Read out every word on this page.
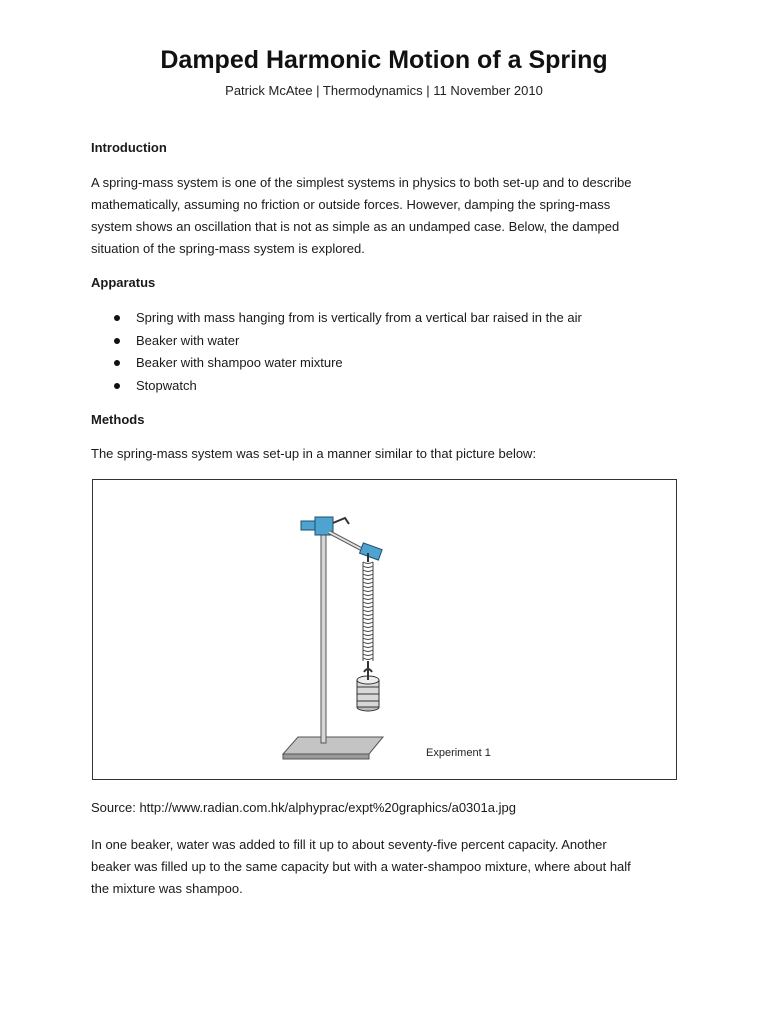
Damped Harmonic Motion of a Spring
Patrick McAtee | Thermodynamics | 11 November 2010
Introduction
A spring-mass system is one of the simplest systems in physics to both set-up and to describe
mathematically, assuming no friction or outside forces. However, damping the spring-mass
system shows an oscillation that is not as simple as an undamped case. Below, the damped
situation of the spring-mass system is explored.
Apparatus
Spring with mass hanging from is vertically from a vertical bar raised in the air
Beaker with water
Beaker with shampoo water mixture
Stopwatch
Methods
The spring-mass system was set-up in a manner similar to that picture below:
Experiment 1
Source: http://www.radian.com.hk/alphyprac/expt%20graphics/a0301a.jpg
In one beaker, water was added to fill it up to about seventy-five percent capacity. Another
beaker was filled up to the same capacity but with a water-shampoo mixture, where about half
the mixture was shampoo.
